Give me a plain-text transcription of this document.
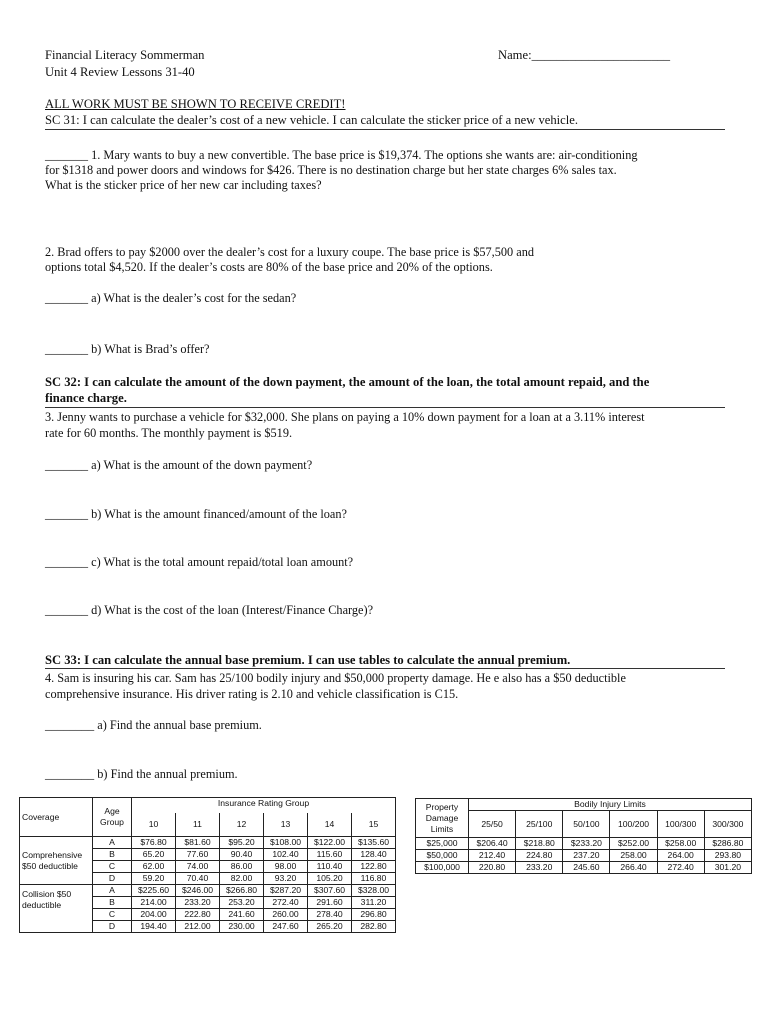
Financial Literacy Sommerman
Unit 4 Review Lessons 31-40
Name:______________________
ALL WORK MUST BE SHOWN TO RECEIVE CREDIT!
SC 31: I can calculate the dealer’s cost of a new vehicle. I can calculate the sticker price of a new vehicle.
_______ 1. Mary wants to buy a new convertible. The base price is $19,374. The options she wants are: air-conditioning
for $1318 and power doors and windows for $426. There is no destination charge but her state charges 6% sales tax.
What is the sticker price of her new car including taxes?
2. Brad offers to pay $2000 over the dealer’s cost for a luxury coupe. The base price is $57,500 and
options total $4,520. If the dealer’s costs are 80% of the base price and 20% of the options.
_______ a) What is the dealer’s cost for the sedan?
_______ b) What is Brad’s offer?
SC 32: I can calculate the amount of the down payment, the amount of the loan, the total amount repaid, and the
finance charge.
3. Jenny wants to purchase a vehicle for $32,000. She plans on paying a 10% down payment for a loan at a 3.11% interest
rate for 60 months. The monthly payment is $519.
_______ a) What is the amount of the down payment?
_______ b) What is the amount financed/amount of the loan?
_______ c) What is the total amount repaid/total loan amount?
_______ d) What is the cost of the loan (Interest/Finance Charge)?
SC 33: I can calculate the annual base premium. I can use tables to calculate the annual premium.
4. Sam is insuring his car. Sam has 25/100 bodily injury and $50,000 property damage. He e also has a $50 deductible
comprehensive insurance. His driver rating is 2.10 and vehicle classification is C15.
________ a) Find the annual base premium.
________ b) Find the annual premium.
Coverage	Age Group	Insurance Rating Group					
		10	11	12	13	14	15
Comprehensive $50 deductible	A	$76.80	$81.60	$95.20	$108.00	$122.00	$135.60
	B	65.20	77.60	90.40	102.40	115.60	128.40
	C	62.00	74.00	86.00	98.00	110.40	122.80
	D	59.20	70.40	82.00	93.20	105.20	116.80
Collision $50 deductible	A	$225.60	$246.00	$266.80	$287.20	$307.60	$328.00
	B	214.00	233.20	253.20	272.40	291.60	311.20
	C	204.00	222.80	241.60	260.00	278.40	296.80
	D	194.40	212.00	230.00	247.60	265.20	282.80
Property Damage Limits	Bodily Injury Limits					
	25/50	25/100	50/100	100/200	100/300	300/300
$25,000	$206.40	$218.80	$233.20	$252.00	$258.00	$286.80
$50,000	212.40	224.80	237.20	258.00	264.00	293.80
$100,000	220.80	233.20	245.60	266.40	272.40	301.20
